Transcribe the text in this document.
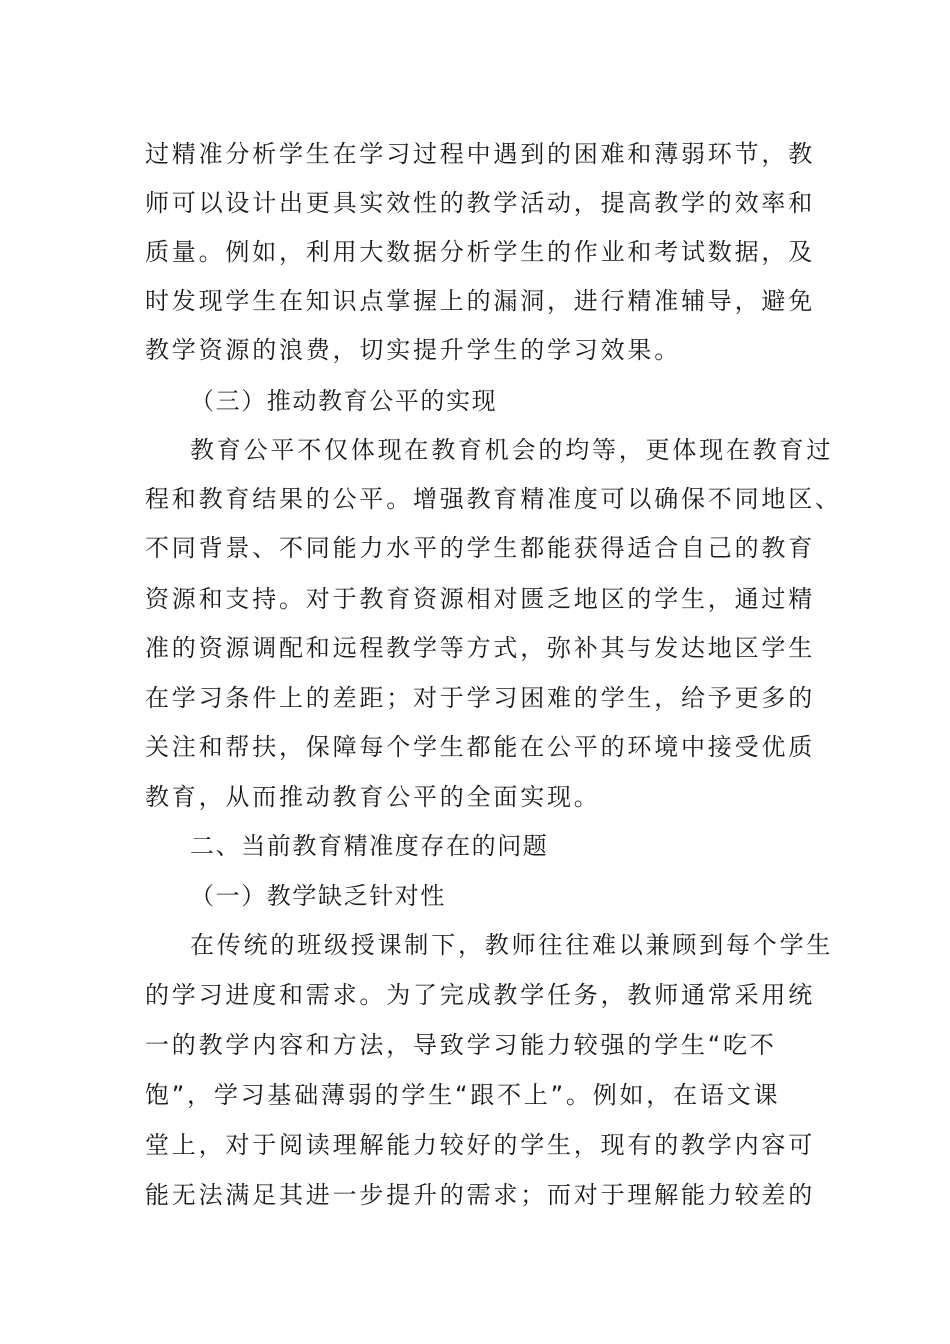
过精准分析学生在学习过程中遇到的困难和薄弱环节，教
师可以设计出更具实效性的教学活动，提高教学的效率和
质量。例如，利用大数据分析学生的作业和考试数据，及
时发现学生在知识点掌握上的漏洞，进行精准辅导，避免
教学资源的浪费，切实提升学生的学习效果。
（三）推动教育公平的实现
教育公平不仅体现在教育机会的均等，更体现在教育过
程和教育结果的公平。增强教育精准度可以确保不同地区、
不同背景、不同能力水平的学生都能获得适合自己的教育
资源和支持。对于教育资源相对匮乏地区的学生，通过精
准的资源调配和远程教学等方式，弥补其与发达地区学生
在学习条件上的差距；对于学习困难的学生，给予更多的
关注和帮扶，保障每个学生都能在公平的环境中接受优质
教育，从而推动教育公平的全面实现。
二、当前教育精准度存在的问题
（一）教学缺乏针对性
在传统的班级授课制下，教师往往难以兼顾到每个学生
的学习进度和需求。为了完成教学任务，教师通常采用统
一的教学内容和方法，导致学习能力较强的学生“吃不
饱”，学习基础薄弱的学生“跟不上”。例如，在语文课
堂上，对于阅读理解能力较好的学生，现有的教学内容可
能无法满足其进一步提升的需求；而对于理解能力较差的
